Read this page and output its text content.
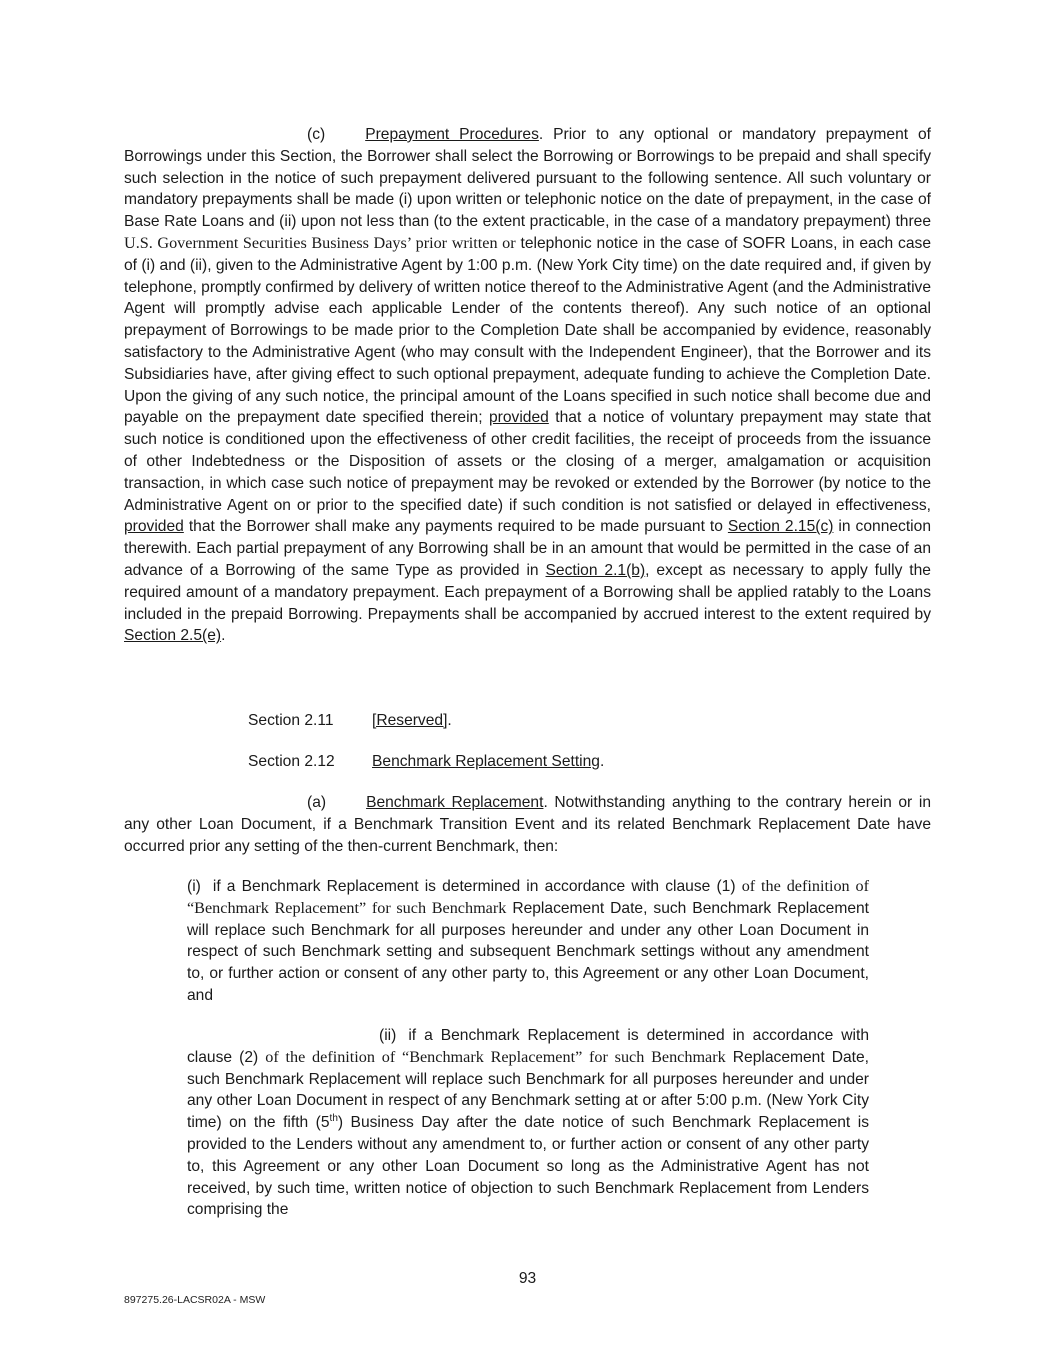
(c)	Prepayment Procedures. Prior to any optional or mandatory prepayment of Borrowings under this Section, the Borrower shall select the Borrowing or Borrowings to be prepaid and shall specify such selection in the notice of such prepayment delivered pursuant to the following sentence. All such voluntary or mandatory prepayments shall be made (i) upon written or telephonic notice on the date of prepayment, in the case of Base Rate Loans and (ii) upon not less than (to the extent practicable, in the case of a mandatory prepayment) three U.S. Government Securities Business Days’ prior written or telephonic notice in the case of SOFR Loans, in each case of (i) and (ii), given to the Administrative Agent by 1:00 p.m. (New York City time) on the date required and, if given by telephone, promptly confirmed by delivery of written notice thereof to the Administrative Agent (and the Administrative Agent will promptly advise each applicable Lender of the contents thereof). Any such notice of an optional prepayment of Borrowings to be made prior to the Completion Date shall be accompanied by evidence, reasonably satisfactory to the Administrative Agent (who may consult with the Independent Engineer), that the Borrower and its Subsidiaries have, after giving effect to such optional prepayment, adequate funding to achieve the Completion Date. Upon the giving of any such notice, the principal amount of the Loans specified in such notice shall become due and payable on the prepayment date specified therein; provided that a notice of voluntary prepayment may state that such notice is conditioned upon the effectiveness of other credit facilities, the receipt of proceeds from the issuance of other Indebtedness or the Disposition of assets or the closing of a merger, amalgamation or acquisition transaction, in which case such notice of prepayment may be revoked or extended by the Borrower (by notice to the Administrative Agent on or prior to the specified date) if such condition is not satisfied or delayed in effectiveness, provided that the Borrower shall make any payments required to be made pursuant to Section 2.15(c) in connection therewith. Each partial prepayment of any Borrowing shall be in an amount that would be permitted in the case of an advance of a Borrowing of the same Type as provided in Section 2.1(b), except as necessary to apply fully the required amount of a mandatory prepayment. Each prepayment of a Borrowing shall be applied ratably to the Loans included in the prepaid Borrowing. Prepayments shall be accompanied by accrued interest to the extent required by Section 2.5(e).

Section 2.11 [Reserved].

Section 2.12 Benchmark Replacement Setting.

(a)	Benchmark Replacement. Notwithstanding anything to the contrary herein or in any other Loan Document, if a Benchmark Transition Event and its related Benchmark Replacement Date have occurred prior any setting of the then-current Benchmark, then:

(i) if a Benchmark Replacement is determined in accordance with clause (1) of the definition of “Benchmark Replacement” for such Benchmark Replacement Date, such Benchmark Replacement will replace such Benchmark for all purposes hereunder and under any other Loan Document in respect of such Benchmark setting and subsequent Benchmark settings without any amendment to, or further action or consent of any other party to, this Agreement or any other Loan Document, and

(ii) if a Benchmark Replacement is determined in accordance with clause (2) of the definition of “Benchmark Replacement” for such Benchmark Replacement Date, such Benchmark Replacement will replace such Benchmark for all purposes hereunder and under any other Loan Document in respect of any Benchmark setting at or after 5:00 p.m. (New York City time) on the fifth (5th) Business Day after the date notice of such Benchmark Replacement is provided to the Lenders without any amendment to, or further action or consent of any other party to, this Agreement or any other Loan Document so long as the Administrative Agent has not received, by such time, written notice of objection to such Benchmark Replacement from Lenders comprising the

93
897275.26-LACSR02A - MSW
